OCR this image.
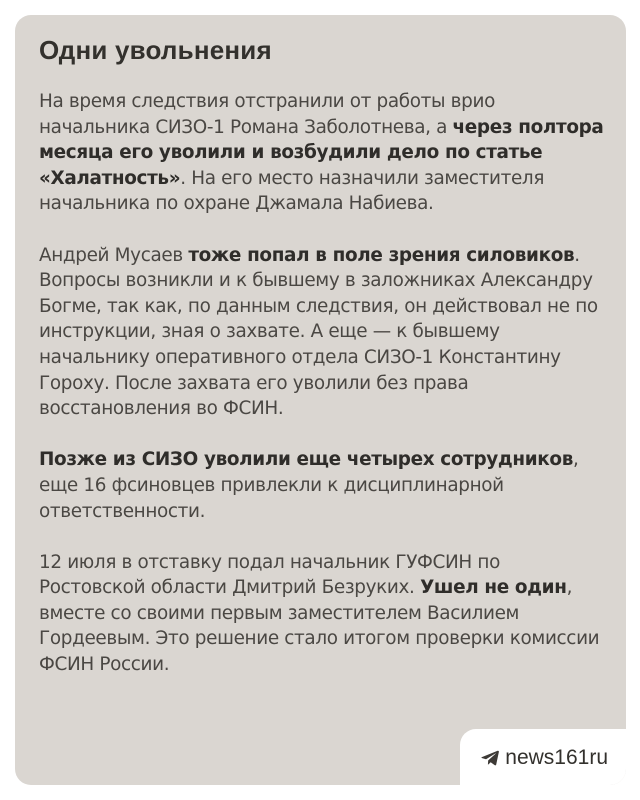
Одни увольнения

На время следствия отстранили от работы врио начальника СИЗО-1 Романа Заболотнева, а через полтора месяца его уволили и возбудили дело по статье «Халатность». На его место назначили заместителя начальника по охране Джамала Набиева.

Андрей Мусаев тоже попал в поле зрения силовиков. Вопросы возникли и к бывшему в заложниках Александру Богме, так как, по данным следствия, он действовал не по инструкции, зная о захвате. А еще — к бывшему начальнику оперативного отдела СИЗО-1 Константину Гороху. После захвата его уволили без права восстановления во ФСИН.

Позже из СИЗО уволили еще четырех сотрудников, еще 16 фсиновцев привлекли к дисциплинарной ответственности.

12 июля в отставку подал начальник ГУФСИН по Ростовской области Дмитрий Безруких. Ушел не один, вместе со своими первым заместителем Василием Гордеевым. Это решение стало итогом проверки комиссии ФСИН России.

news161ru
